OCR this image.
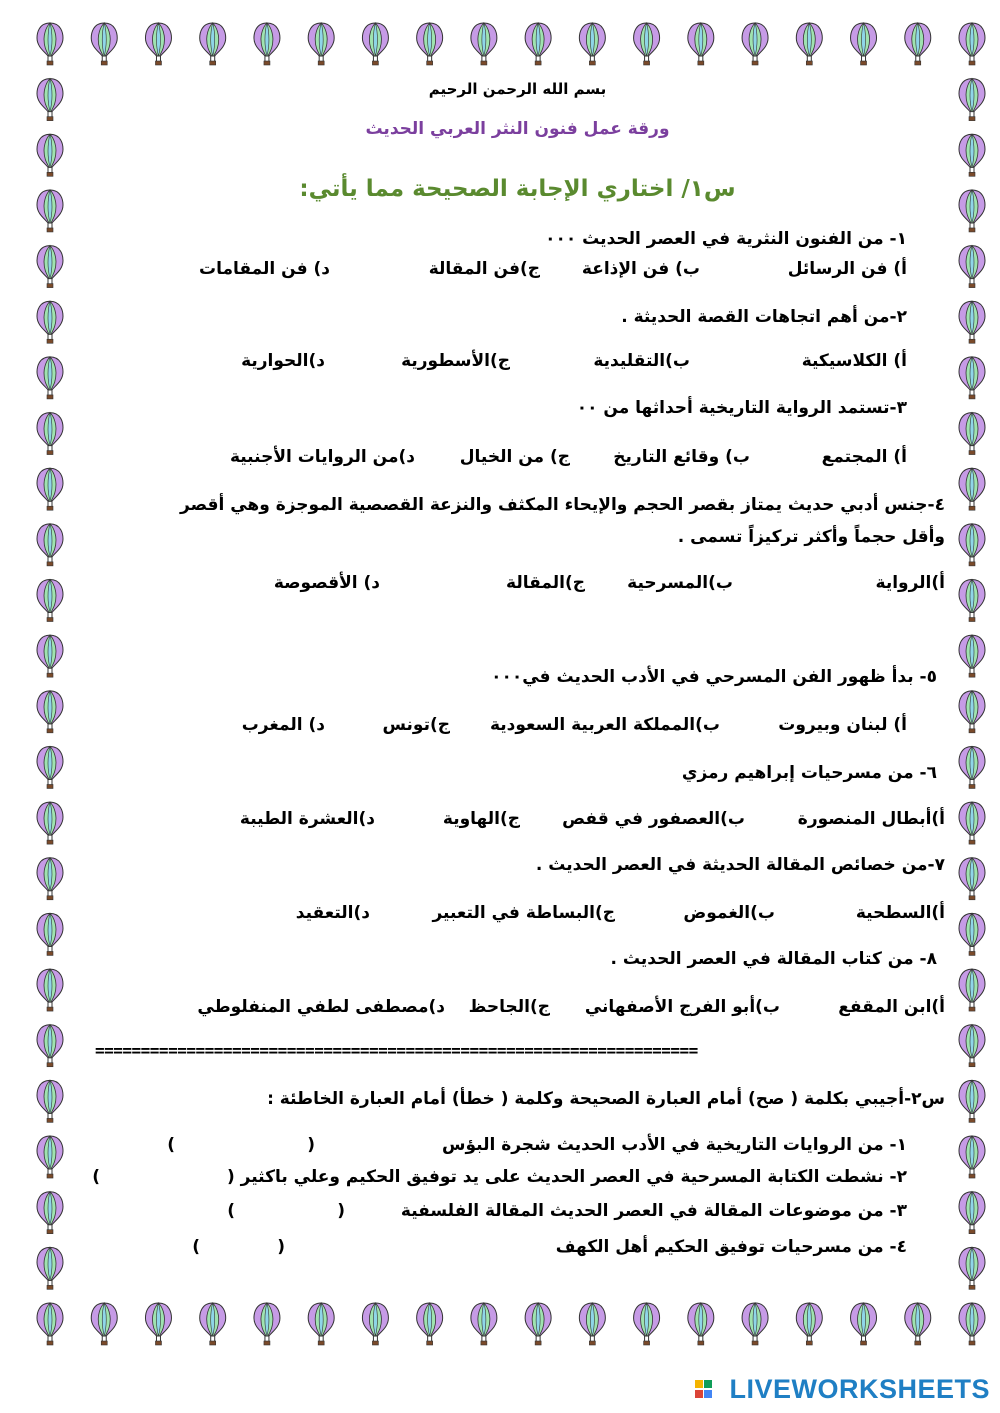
بسم الله الرحمن الرحيم
ورقة عمل فنون النثر العربي الحديث
س١/ اختاري الإجابة الصحيحة مما يأتي:
١- من الفنون النثرية في العصر الحديث ٠٠٠
أ) فن الرسائل
ب) فن الإذاعة
ج)فن المقالة
د) فن المقامات
٢-من أهم اتجاهات القصة الحديثة .
أ) الكلاسيكية
ب)التقليدية
ج)الأسطورية
د)الحوارية
٣-تستمد الرواية التاريخية أحداثها من ٠٠
أ) المجتمع
ب) وقائع التاريخ
ج) من الخيال
د)من الروايات الأجنبية
٤-جنس أدبي حديث يمتاز بقصر الحجم والإيحاء المكثف والنزعة القصصية الموجزة وهي أقصر
وأقل حجماً وأكثر تركيزاً تسمى .
أ)الرواية
ب)المسرحية
ج)المقالة
د) الأقصوصة
٥- بدأ ظهور الفن المسرحي في الأدب الحديث في٠٠٠
أ) لبنان وبيروت
ب)المملكة العربية السعودية
ج)تونس
د) المغرب
٦- من مسرحيات إبراهيم رمزي
أ)أبطال المنصورة
ب)العصفور في قفص
ج)الهاوية
د)العشرة الطيبة
٧-من خصائص المقالة الحديثة في العصر الحديث .
أ)السطحية
ب)الغموض
ج)البساطة في التعبير
د)التعقيد
٨- من كتاب المقالة في العصر الحديث .
أ)ابن المقفع
ب)أبو الفرج الأصفهاني
ج)الجاحظ
د)مصطفى لطفي المنفلوطي
==================================================================
س٢-أجيبي بكلمة ( صح) أمام العبارة الصحيحة وكلمة ( خطأ) أمام العبارة الخاطئة :
١- من الروايات التاريخية في الأدب الحديث شجرة البؤس
(
)
٢- نشطت الكتابة المسرحية في العصر الحديث على يد توفيق الحكيم وعلي باكثير (
)
٣- من موضوعات المقالة في العصر الحديث المقالة الفلسفية
(
)
٤- من مسرحيات توفيق الحكيم أهل الكهف
(
)
LIVEWORKSHEETS
